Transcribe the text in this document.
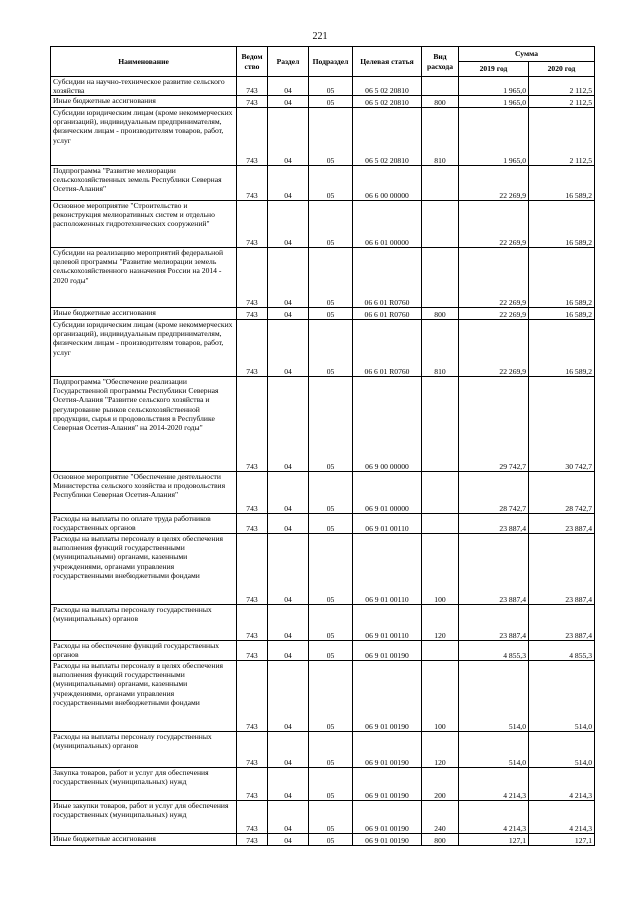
221
Наименование	Ведом ство	Раздел	Подраздел	Целевая статья	Вид расхода	Сумма	
						2019 год	2020 год
Субсидии на научно-техническое развитие сельского хозяйства	743	04	05	06 5 02 20810		1 965,0	2 112,5
Иные бюджетные ассигнования	743	04	05	06 5 02 20810	800	1 965,0	2 112,5
Субсидии юридическим лицам (кроме некоммерческих организаций), индивидуальным предпринимателям, физическим лицам - производителям товаров, работ, услуг	743	04	05	06 5 02 20810	810	1 965,0	2 112,5
Подпрограмма "Развитие мелиорации сельскохозяйственных земель Республики Северная Осетия-Алания"	743	04	05	06 6 00 00000		22 269,9	16 589,2
Основное мероприятие "Строительство и реконструкция мелиоративных систем и отдельно расположенных гидротехнических сооружений"	743	04	05	06 6 01 00000		22 269,9	16 589,2
Субсидии на реализацию мероприятий федеральной целевой программы "Развитие мелиорации земель сельскохозяйственного назначения России на 2014 - 2020 годы"	743	04	05	06 6 01 R0760		22 269,9	16 589,2
Иные бюджетные ассигнования	743	04	05	06 6 01 R0760	800	22 269,9	16 589,2
Субсидии юридическим лицам (кроме некоммерческих организаций), индивидуальным предпринимателям, физическим лицам - производителям товаров, работ, услуг	743	04	05	06 6 01 R0760	810	22 269,9	16 589,2
Подпрограмма "Обеспечение реализации Государственной программы Республики Северная Осетия-Алания "Развитие сельского хозяйства и регулирование рынков сельскохозяйственной продукции, сырья и продовольствия в Республике Северная Осетия-Алания" на 2014-2020 годы"	743	04	05	06 9 00 00000		29 742,7	30 742,7
Основное мероприятие "Обеспечение деятельности Министерства сельского хозяйства и продовольствия Республики Северная Осетия-Алания"	743	04	05	06 9 01 00000		28 742,7	28 742,7
Расходы на выплаты по оплате труда работников государственных органов	743	04	05	06 9 01 00110		23 887,4	23 887,4
Расходы на выплаты персоналу в целях обеспечения выполнения функций государственными (муниципальными) органами, казенными учреждениями, органами управления государственными внебюджетными фондами	743	04	05	06 9 01 00110	100	23 887,4	23 887,4
Расходы на выплаты персоналу государственных (муниципальных) органов	743	04	05	06 9 01 00110	120	23 887,4	23 887,4
Расходы на обеспечение функций государственных органов	743	04	05	06 9 01 00190		4 855,3	4 855,3
Расходы на выплаты персоналу в целях обеспечения выполнения функций государственными (муниципальными) органами, казенными учреждениями, органами управления государственными внебюджетными фондами	743	04	05	06 9 01 00190	100	514,0	514,0
Расходы на выплаты персоналу государственных (муниципальных) органов	743	04	05	06 9 01 00190	120	514,0	514,0
Закупка товаров, работ и услуг для обеспечения государственных (муниципальных) нужд	743	04	05	06 9 01 00190	200	4 214,3	4 214,3
Иные закупки товаров, работ и услуг для обеспечения государственных (муниципальных) нужд	743	04	05	06 9 01 00190	240	4 214,3	4 214,3
Иные бюджетные ассигнования	743	04	05	06 9 01 00190	800	127,1	127,1
